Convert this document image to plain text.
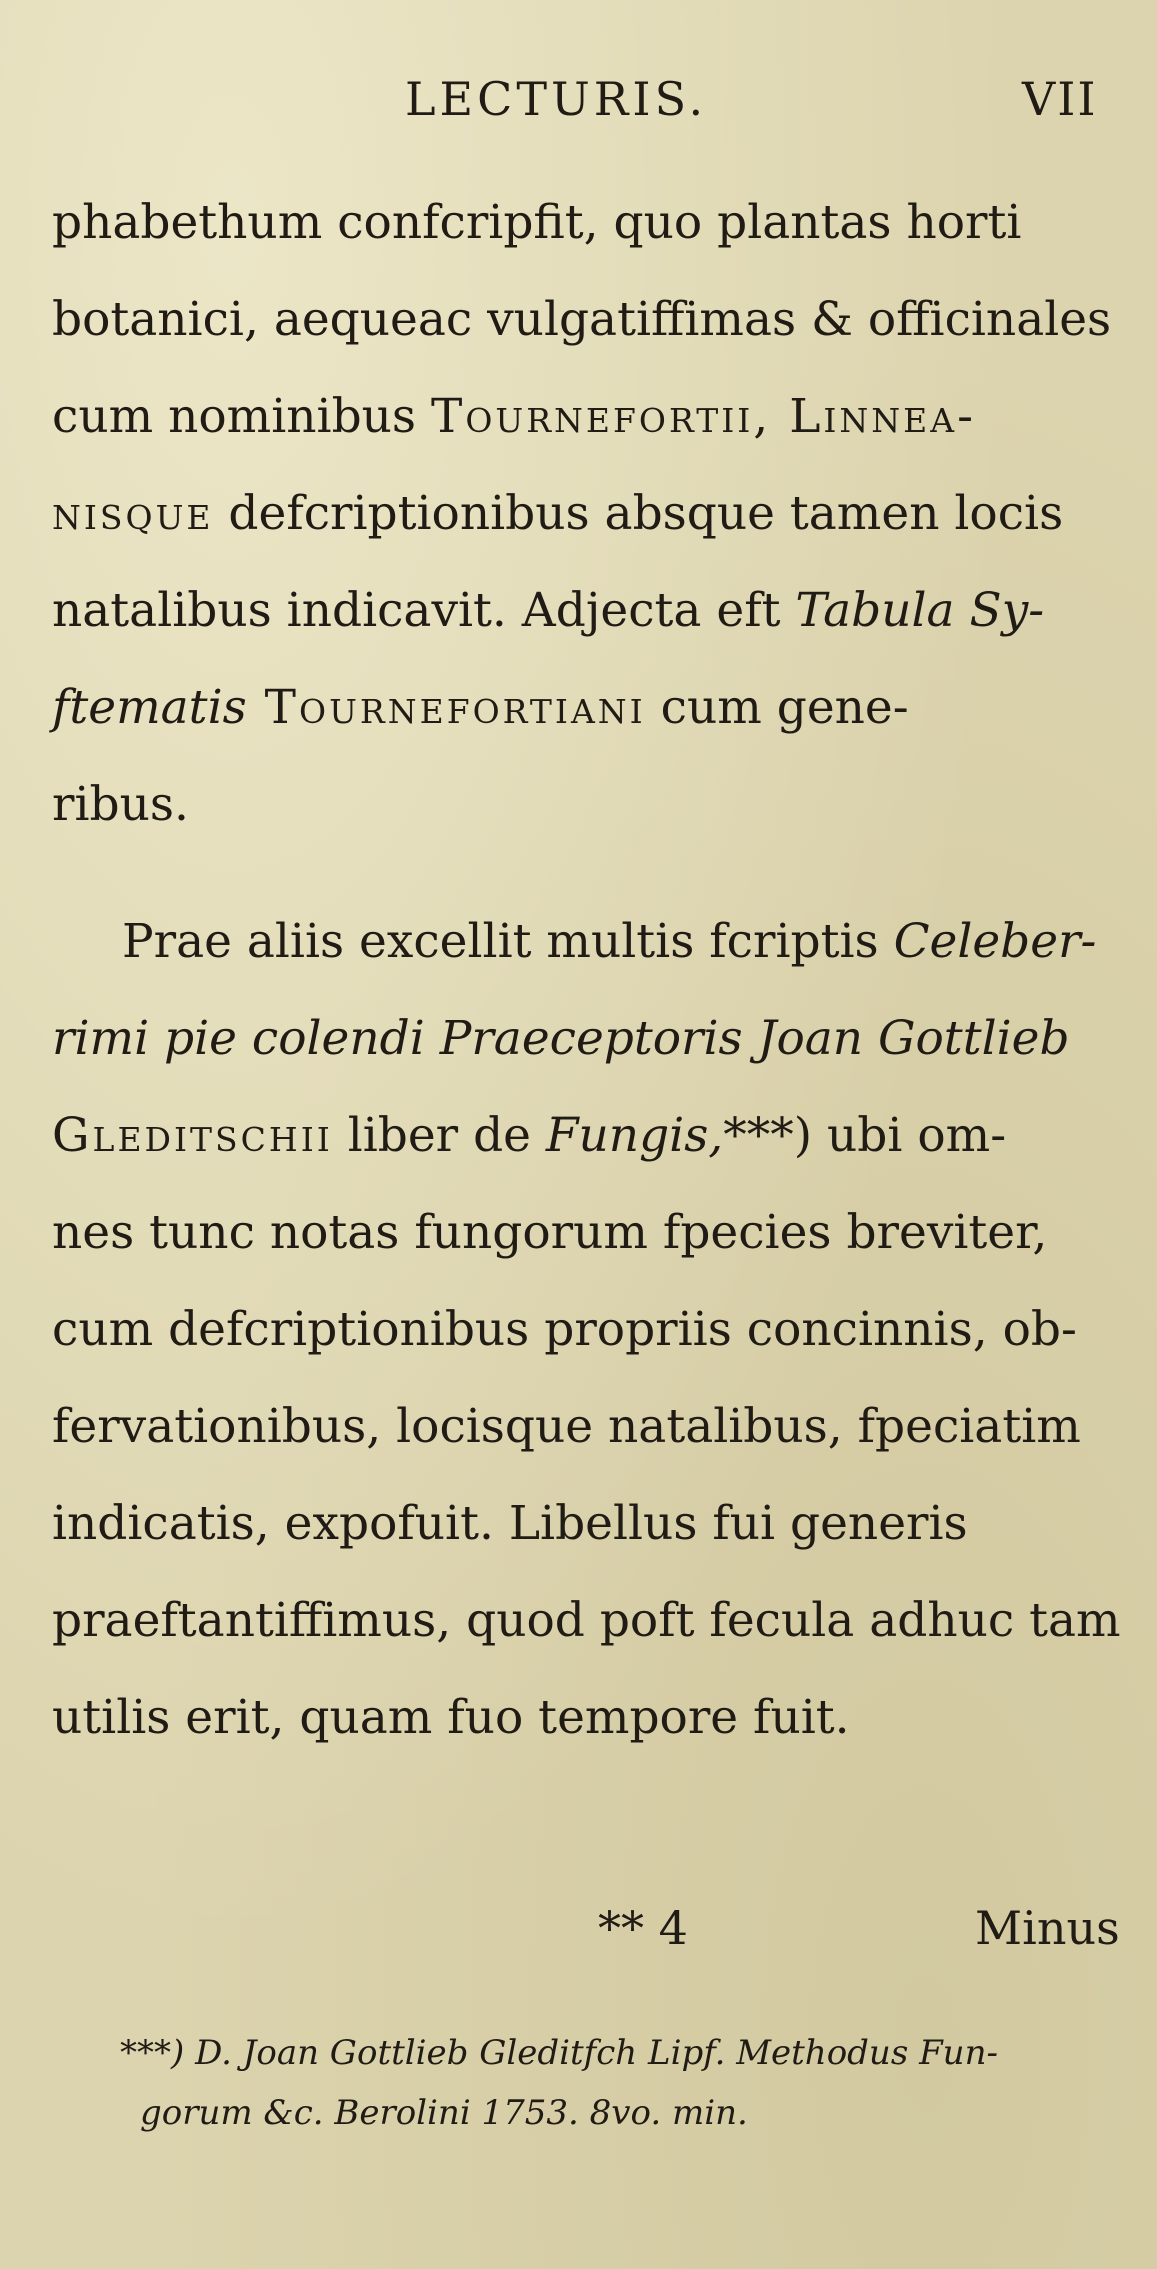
LECTURIS.	VII
phabethum confcripfit, quo plantas horti
botanici, aequeac vulgatiffimas & officinales
cum nominibus Tournefortii, Linnea-
nisque defcriptionibus absque tamen locis
natalibus indicavit. Adjecta eft Tabula Sy-
ftematis Tournefortiani cum gene-
ribus.
Prae aliis excellit multis fcriptis Celeber-
rimi pie colendi Praeceptoris Joan Gottlieb
Gleditschii liber de Fungis,***) ubi om-
nes tunc notas fungorum fpecies breviter,
cum defcriptionibus propriis concinnis, ob-
fervationibus, locisque natalibus, fpeciatim
indicatis, expofuit. Libellus fui generis
praeftantiffimus, quod poft fecula adhuc tam
utilis erit, quam fuo tempore fuit.
** 4	Minus
***) D. Joan Gottlieb Gleditfch Lipf. Methodus Fun-
gorum &c. Berolini 1753. 8vo. min.
